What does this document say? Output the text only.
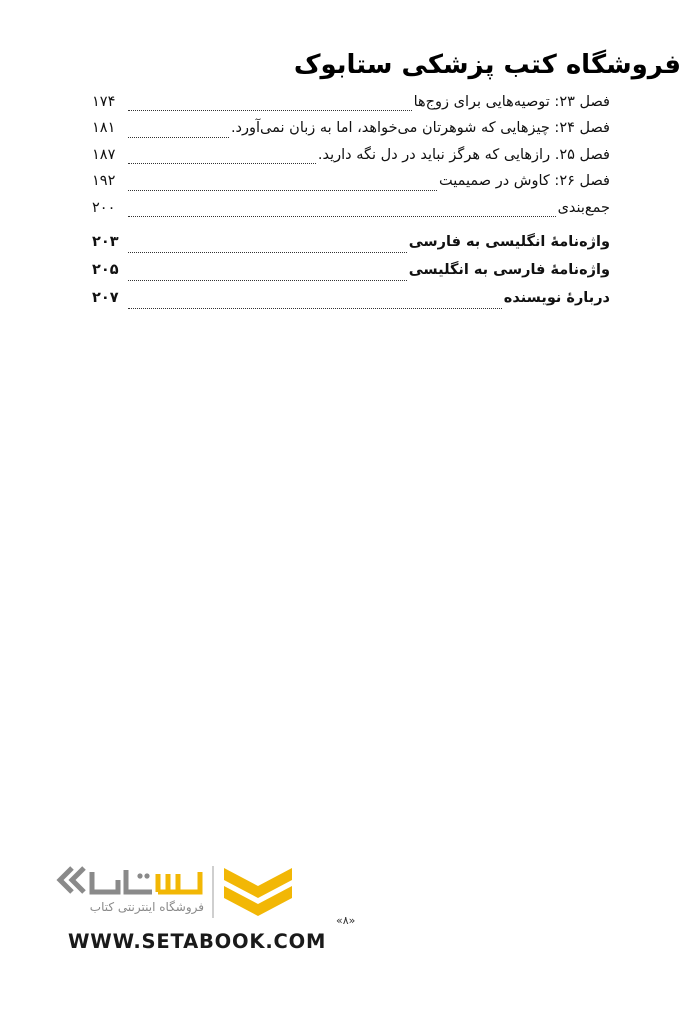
فروشگاه کتب پزشکی ستابوک
فصل ۲۳: توصیه‌هایی برای زوج‌ها
۱۷۴
فصل ۲۴: چیزهایی که شوهرتان می‌خواهد، اما به زبان نمی‌آورد.
۱۸۱
فصل ۲۵. رازهایی که هرگز نباید در دل نگه دارید.
۱۸۷
فصل ۲۶: کاوش در صمیمیت
۱۹۲
جمع‌بندی
۲۰۰
واژه‌نامهٔ انگلیسی به فارسی
۲۰۳
واژه‌نامهٔ فارسی به انگلیسی
۲۰۵
دربارهٔ نویسنده
۲۰۷
فروشگاه اینترنتی کتاب
«۸»
WWW.SETABOOK.COM
